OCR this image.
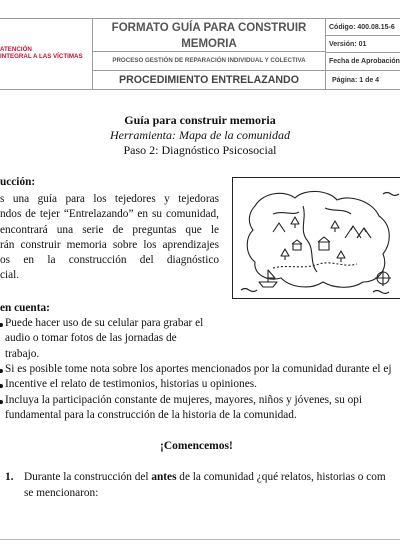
ATENCIÓN
INTEGRAL A LAS VÍCTIMAS
FORMATO GUÍA PARA CONSTRUIR MEMORIA
PROCESO GESTIÓN DE REPARACIÓN INDIVIDUAL Y COLECTIVA
PROCEDIMIENTO ENTRELAZANDO
Código: 400.08.15-6
Versión: 01
Fecha de Aprobación
Página: 1 de 4
Guía para construir memoria
Herramienta: Mapa de la comunidad
Paso 2: Diagnóstico Psicosocial
ucción:
s una guía para los tejedores y tejedoras
ndos de tejer “Entrelazando” en su comunidad,
encontrará una serie de preguntas que le
rán construir memoria sobre los aprendizajes
os en la construcción del diagnóstico
cial.
en cuenta:
Puede hacer uso de su celular para grabar el
audio o tomar fotos de las jornadas de
trabajo.
Si es posible tome nota sobre los aportes mencionados por la comunidad durante el ej
Incentive el relato de testimonios, historias u opiniones.
Incluya la participación constante de mujeres, mayores, niños y jóvenes, su opi
fundamental para la construcción de la historia de la comunidad.
¡Comencemos!
1. Durante la construcción del antes de la comunidad ¿qué relatos, historias o com
se mencionaron:
